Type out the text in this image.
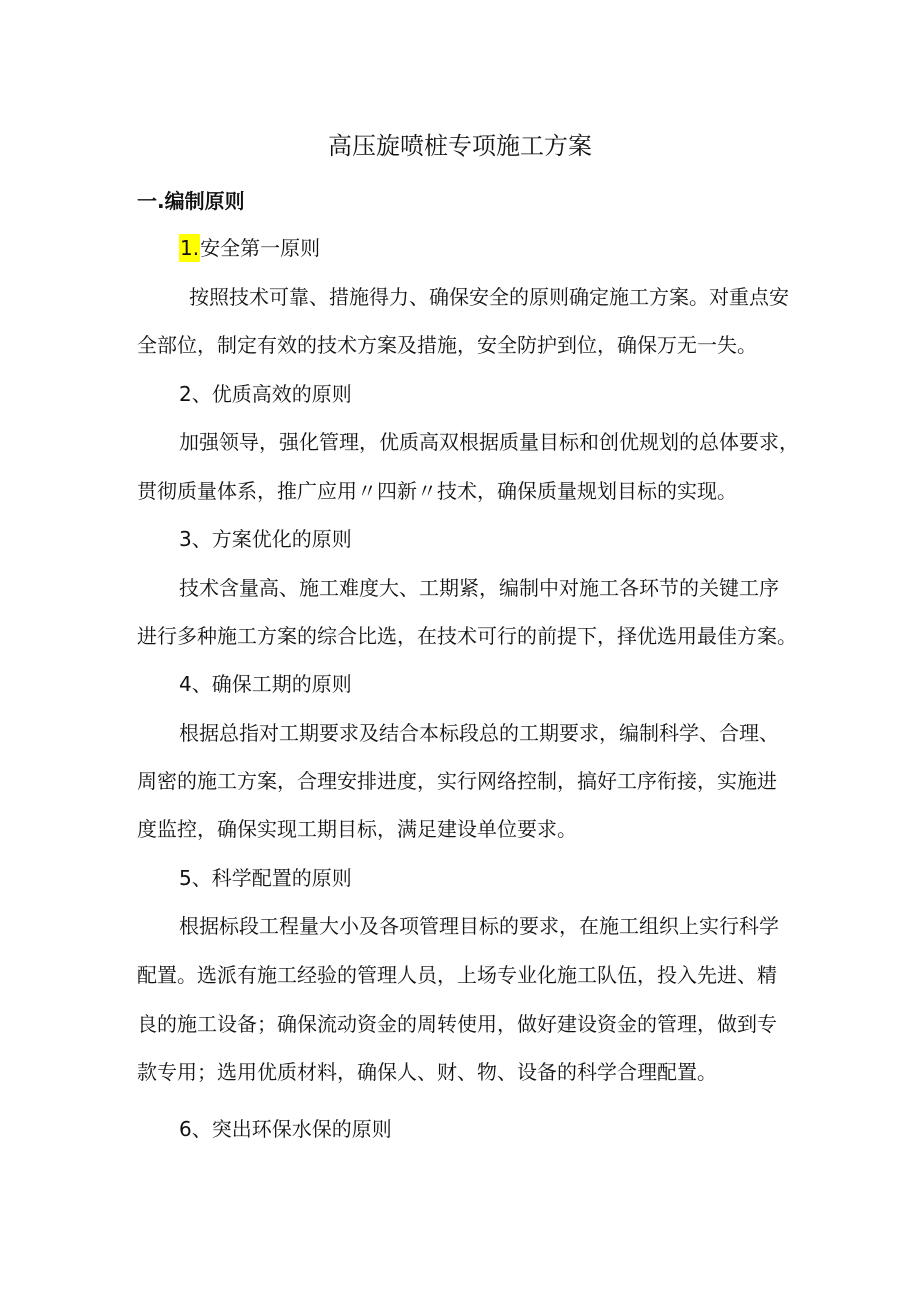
高压旋喷桩专项施工方案
一.编制原则
1.安全第一原则
按照技术可靠、措施得力、确保安全的原则确定施工方案。对重点安
全部位，制定有效的技术方案及措施，安全防护到位，确保万无一失。
2、优质高效的原则
加强领导，强化管理，优质高双根据质量目标和创优规划的总体要求，
贯彻质量体系，推广应用〃四新〃技术，确保质量规划目标的实现。
3、方案优化的原则
技术含量高、施工难度大、工期紧，编制中对施工各环节的关键工序
进行多种施工方案的综合比选，在技术可行的前提下，择优选用最佳方案。
4、确保工期的原则
根据总指对工期要求及结合本标段总的工期要求，编制科学、合理、
周密的施工方案，合理安排进度，实行网络控制，搞好工序衔接，实施进
度监控，确保实现工期目标，满足建设单位要求。
5、科学配置的原则
根据标段工程量大小及各项管理目标的要求，在施工组织上实行科学
配置。选派有施工经验的管理人员，上场专业化施工队伍，投入先进、精
良的施工设备；确保流动资金的周转使用，做好建设资金的管理，做到专
款专用；选用优质材料，确保人、财、物、设备的科学合理配置。
6、突出环保水保的原则
